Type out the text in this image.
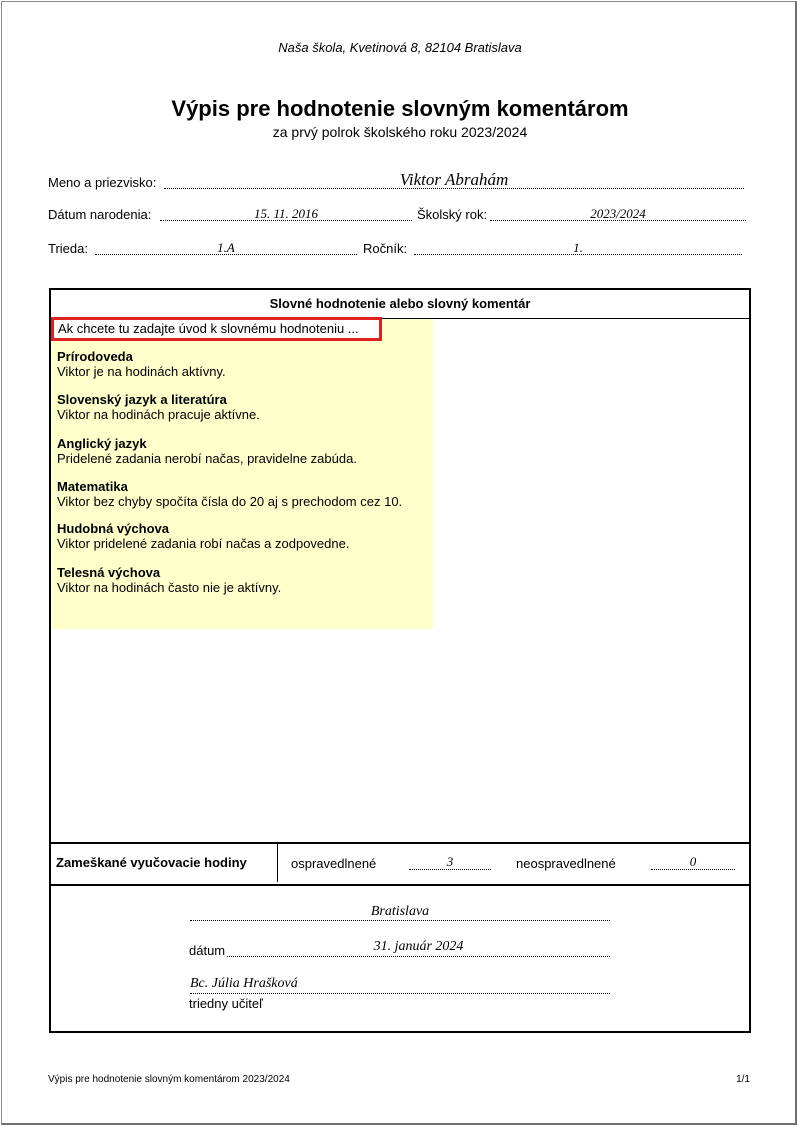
Naša škola, Kvetinová 8, 82104 Bratislava
Výpis pre hodnotenie slovným komentárom
za prvý polrok školského roku 2023/2024
Meno a priezvisko:	Viktor Abrahám
Dátum narodenia:	15. 11. 2016	Školský rok:	2023/2024
Trieda:	1.A	Ročník:	1.
Slovné hodnotenie alebo slovný komentár
Ak chcete tu zadajte úvod k slovnému hodnoteniu ...
Prírodoveda
Viktor je na hodinách aktívny.
Slovenský jazyk a literatúra
Viktor na hodinách pracuje aktívne.
Anglický jazyk
Pridelené zadania nerobí načas, pravidelne zabúda.
Matematika
Viktor bez chyby spočíta čísla do 20 aj s prechodom cez 10.
Hudobná výchova
Viktor pridelené zadania robí načas a zodpovedne.
Telesná výchova
Viktor na hodinách často nie je aktívny.
Zameškané vyučovacie hodiny	ospravedlnené	3	neospravedlnené	0
Bratislava
dátum	31. január 2024
Bc. Júlia Hrašková
triedny učiteľ
Výpis pre hodnotenie slovným komentárom 2023/2024	1/1
